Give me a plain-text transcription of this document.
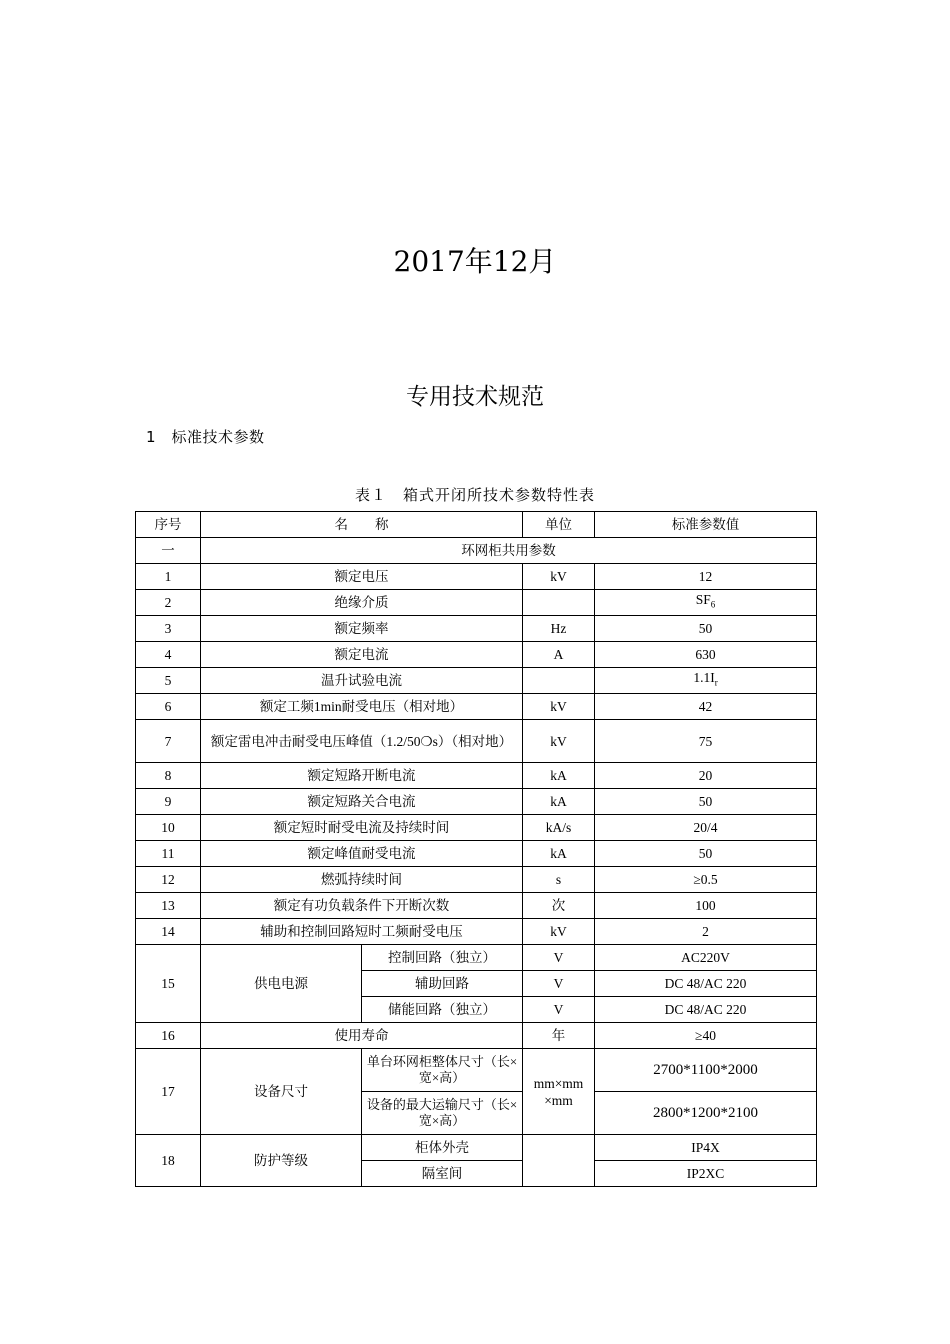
2017年12月
专用技术规范
1　标准技术参数
表１　箱式开闭所技术参数特性表
序号	名　　称		单位	标准参数值
一	环网柜共用参数			
1	额定电压		kV	12
2	绝缘介质			$SF_6$
3	额定频率		Hz	50
4	额定电流		A	630
5	温升试验电流			$1.1I_r$
6	额定工频1min耐受电压（相对地）		kV	42
7	额定雷电冲击耐受电压峰值（1.2/50❍s）（相对地）		kV	75
8	额定短路开断电流		kA	20
9	额定短路关合电流		kA	50
10	额定短时耐受电流及持续时间		kA/s	20/4
11	额定峰值耐受电流		kA	50
12	燃弧持续时间		s	≥0.5
13	额定有功负载条件下开断次数		次	100
14	辅助和控制回路短时工频耐受电压		kV	2
15	供电电源	控制回路（独立）	V	AC220V
		辅助回路	V	DC 48/AC 220
		储能回路（独立）	V	DC 48/AC 220
16	使用寿命		年	≥40
17	设备尺寸	单台环网柜整体尺寸（长×宽×高）	mm×mm×mm	2700*1100*2000
		设备的最大运输尺寸（长×宽×高）		2800*1200*2100
18	防护等级	柜体外壳		IP4X
		隔室间		IP2XC
